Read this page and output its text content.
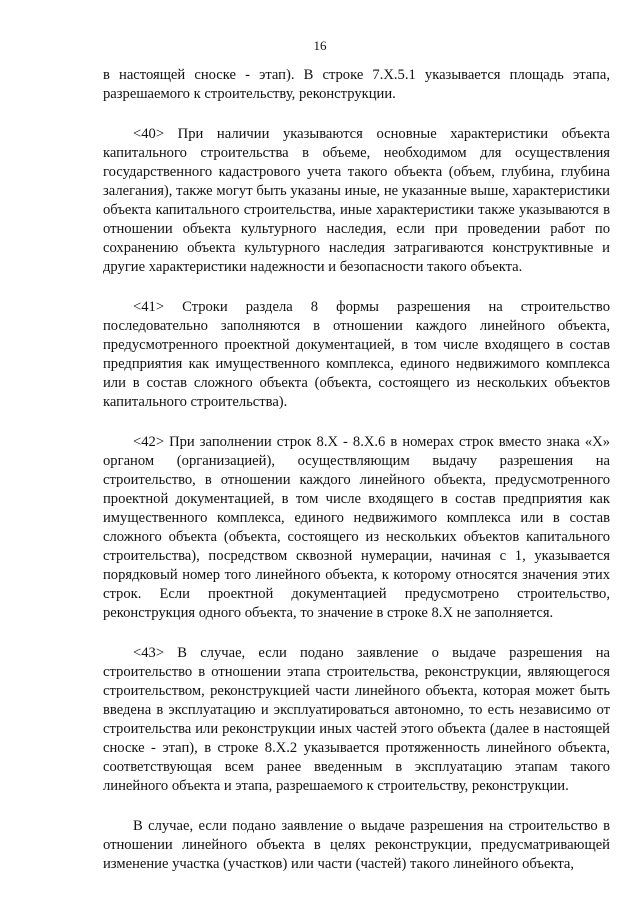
16

в настоящей сноске - этап). В строке 7.Х.5.1 указывается площадь этапа, разрешаемого к строительству, реконструкции.

<40> При наличии указываются основные характеристики объекта капитального строительства в объеме, необходимом для осуществления государственного кадастрового учета такого объекта (объем, глубина, глубина залегания), также могут быть указаны иные, не указанные выше, характеристики объекта капитального строительства, иные характеристики также указываются в отношении объекта культурного наследия, если при проведении работ по сохранению объекта культурного наследия затрагиваются конструктивные и другие характеристики надежности и безопасности такого объекта.

<41> Строки раздела 8 формы разрешения на строительство последовательно заполняются в отношении каждого линейного объекта, предусмотренного проектной документацией, в том числе входящего в состав предприятия как имущественного комплекса, единого недвижимого комплекса или в состав сложного объекта (объекта, состоящего из нескольких объектов капитального строительства).

<42> При заполнении строк 8.Х - 8.Х.6 в номерах строк вместо знака «Х» органом (организацией), осуществляющим выдачу разрешения на строительство, в отношении каждого линейного объекта, предусмотренного проектной документацией, в том числе входящего в состав предприятия как имущественного комплекса, единого недвижимого комплекса или в состав сложного объекта (объекта, состоящего из нескольких объектов капитального строительства), посредством сквозной нумерации, начиная с 1, указывается порядковый номер того линейного объекта, к которому относятся значения этих строк. Если проектной документацией предусмотрено строительство, реконструкция одного объекта, то значение в строке 8.Х не заполняется.

<43> В случае, если подано заявление о выдаче разрешения на строительство в отношении этапа строительства, реконструкции, являющегося строительством, реконструкцией части линейного объекта, которая может быть введена в эксплуатацию и эксплуатироваться автономно, то есть независимо от строительства или реконструкции иных частей этого объекта (далее в настоящей сноске - этап), в строке 8.Х.2 указывается протяженность линейного объекта, соответствующая всем ранее введенным в эксплуатацию этапам такого линейного объекта и этапа, разрешаемого к строительству, реконструкции.

В случае, если подано заявление о выдаче разрешения на строительство в отношении линейного объекта в целях реконструкции, предусматривающей изменение участка (участков) или части (частей) такого линейного объекта,
